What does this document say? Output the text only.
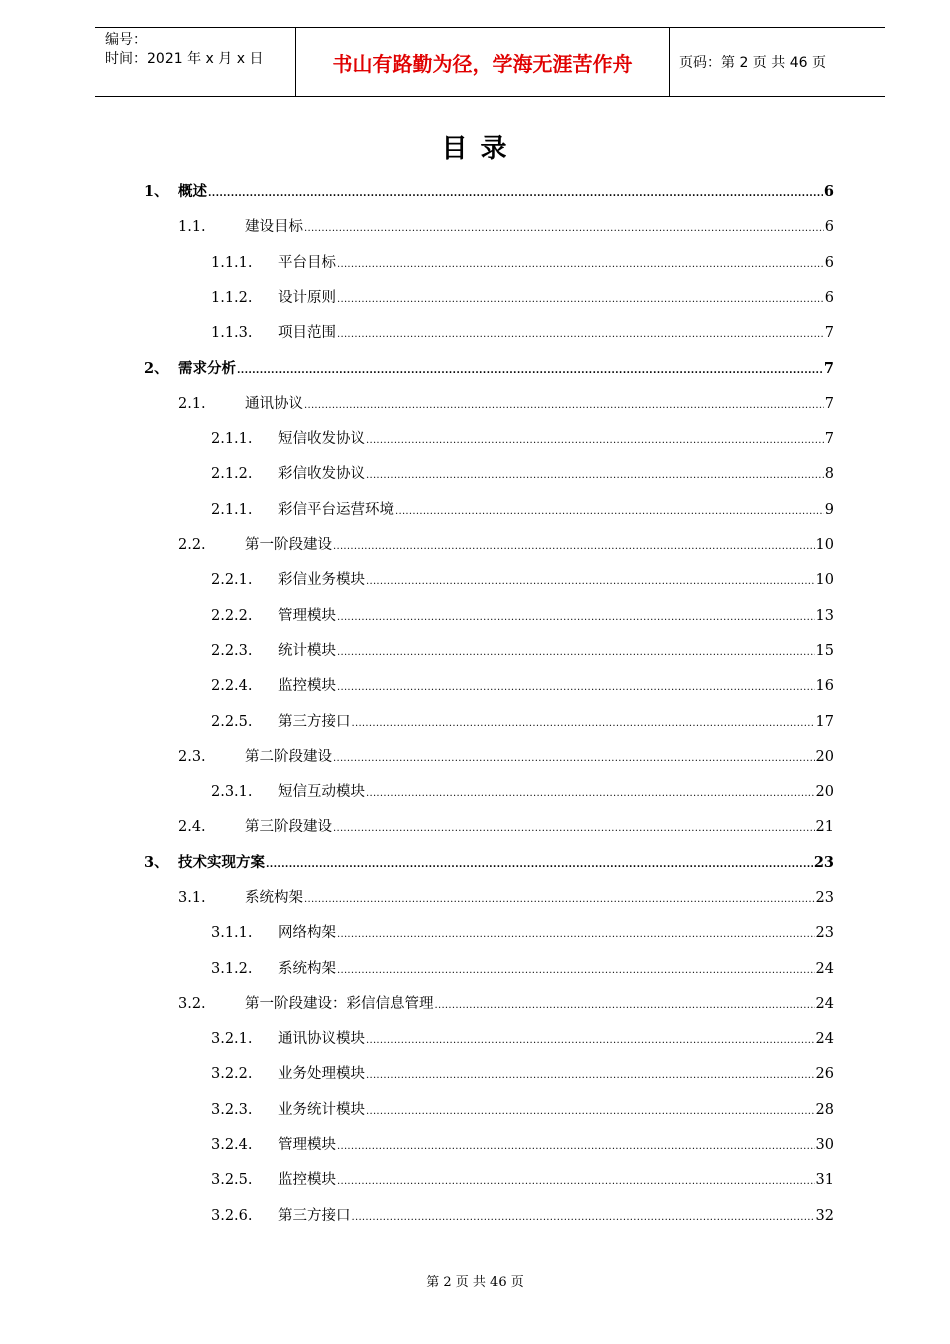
编号：
时间：2021 年 x 月 x 日	书山有路勤为径，学海无涯苦作舟	页码：第 2 页 共 46 页
目 录
1、 概述 .....	6
1.1.	建设目标 .....	6
1.1.1.	平台目标 .....	6
1.1.2.	设计原则 .....	6
1.1.3.	项目范围 .....	7
2、 需求分析 .....	7
2.1.	通讯协议 .....	7
2.1.1.	短信收发协议 .....	7
2.1.2.	彩信收发协议 .....	8
2.1.1.	彩信平台运营环境 .....	9
2.2.	第一阶段建设 .....	10
2.2.1.	彩信业务模块 .....	10
2.2.2.	管理模块 .....	13
2.2.3.	统计模块 .....	15
2.2.4.	监控模块 .....	16
2.2.5.	第三方接口 .....	17
2.3.	第二阶段建设 .....	20
2.3.1.	短信互动模块 .....	20
2.4.	第三阶段建设 .....	21
3、 技术实现方案 .....	23
3.1.	系统构架 .....	23
3.1.1.	网络构架 .....	23
3.1.2.	系统构架 .....	24
3.2.	第一阶段建设：彩信信息管理 .....	24
3.2.1.	通讯协议模块 .....	24
3.2.2.	业务处理模块 .....	26
3.2.3.	业务统计模块 .....	28
3.2.4.	管理模块 .....	30
3.2.5.	监控模块 .....	31
3.2.6.	第三方接口 .....	32
第 2 页 共 46 页
